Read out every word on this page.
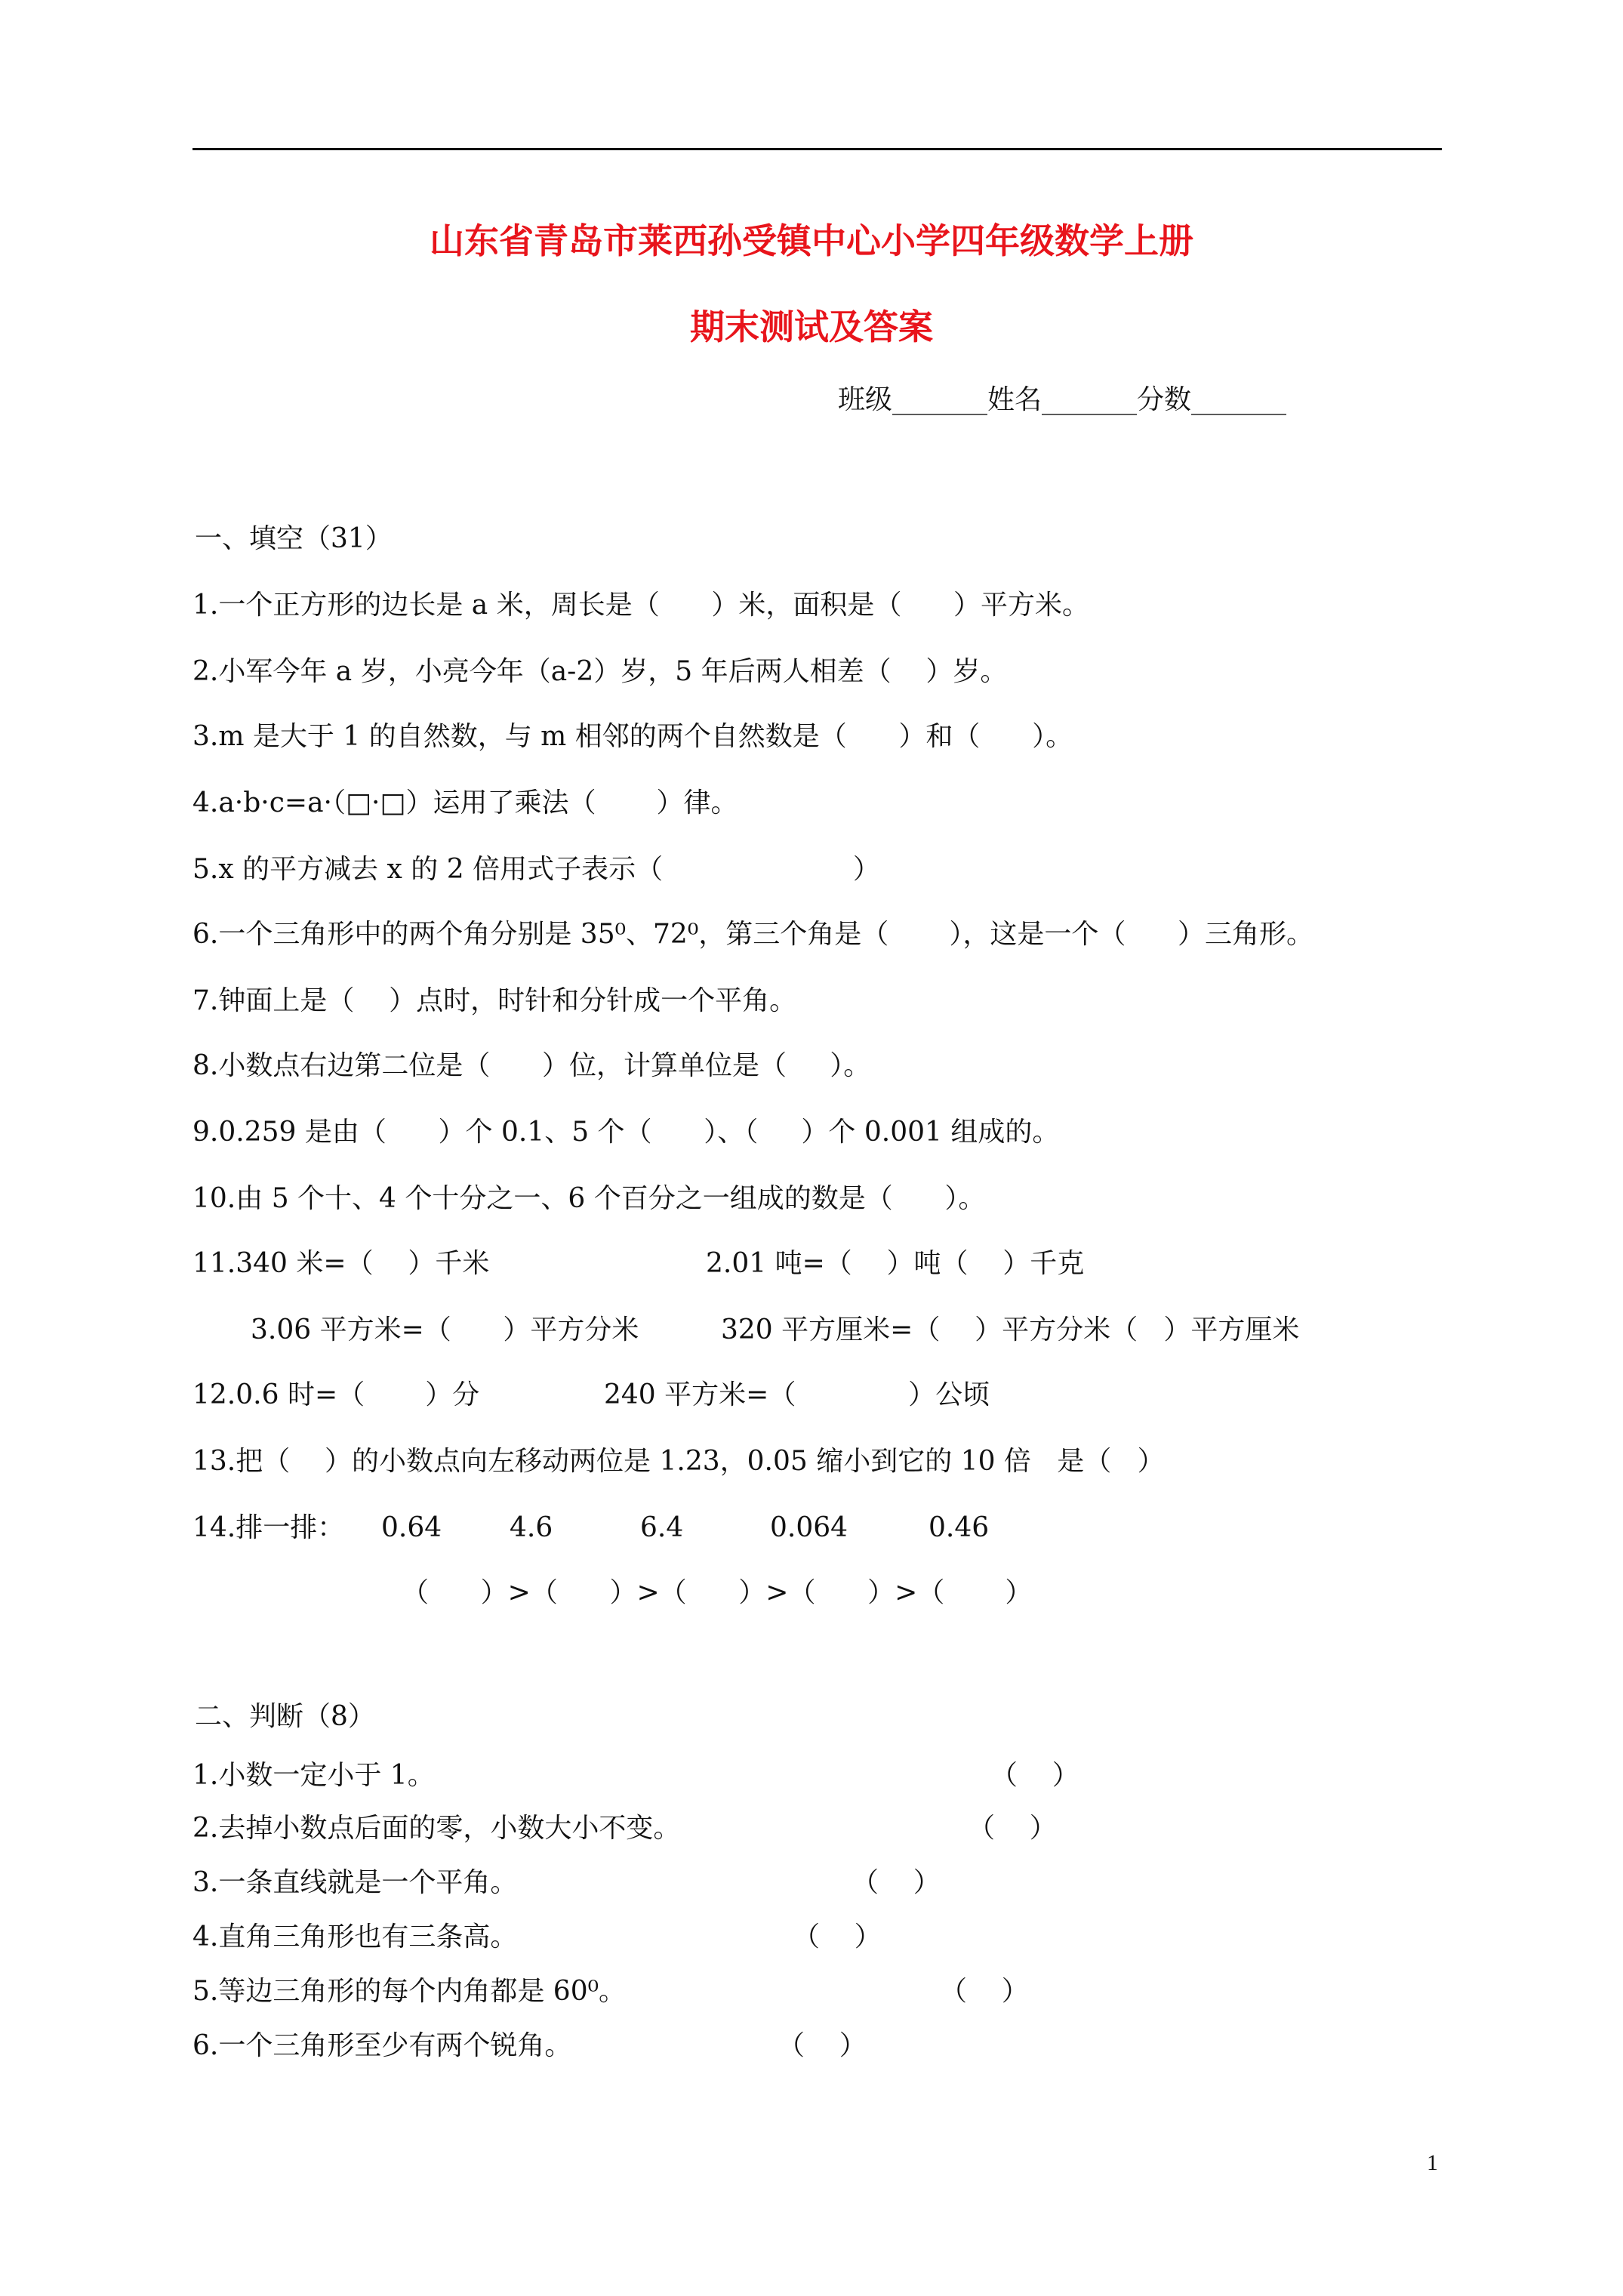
山东省青岛市莱西孙受镇中心小学四年级数学上册
期末测试及答案
班级_______姓名_______分数_______
一、填空（31）
1.一个正方形的边长是 a 米，周长是（      ）米，面积是（      ）平方米。
2.小军今年 a 岁，小亮今年（a-2）岁，5 年后两人相差（    ）岁。
3.m 是大于 1 的自然数，与 m 相邻的两个自然数是（      ）和（      ）。
4.a·b·c=a·（□·□）运用了乘法（       ）律。
5.x 的平方减去 x 的 2 倍用式子表示（                      ）
6.一个三角形中的两个角分别是 35⁰、72⁰，第三个角是（       ），这是一个（      ）三角形。
7.钟面上是（    ）点时，时针和分针成一个平角。
8.小数点右边第二位是（      ）位，计算单位是（     ）。
9.0.259 是由（      ）个 0.1、5 个（      ）、（     ）个 0.001 组成的。
10.由 5 个十、4 个十分之一、6 个百分之一组成的数是（      ）。
11.340 米=（    ）千米	2.01 吨=（    ）吨（    ）千克
3.06 平方米=（      ）平方分米	320 平方厘米=（    ）平方分米（   ）平方厘米
12.0.6 时=（       ）分	240 平方米=（             ）公顷
13.把（    ）的小数点向左移动两位是 1.23，0.05 缩小到它的 10 倍   是（   ）
14.排一排： 0.64 4.6	6.4	0.064	0.46
（      ）>（      ）>（      ）>（      ）>（       ）
二、判断（8）
1.小数一定小于 1。	（    ）
2.去掉小数点后面的零，小数大小不变。	（    ）
3.一条直线就是一个平角。	（    ）
4.直角三角形也有三条高。	（    ）
5.等边三角形的每个内角都是 60⁰。	（    ）
6.一个三角形至少有两个锐角。	（    ）
1
